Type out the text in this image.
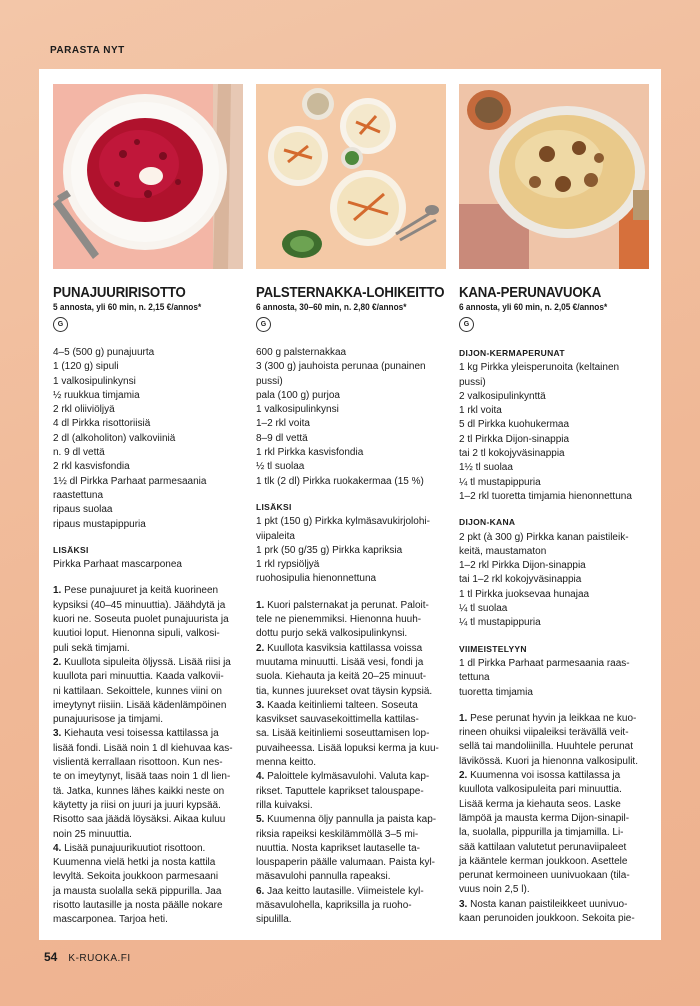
PARASTA NYT
PUNAJUURIRISOTTO
5 annosta, yli 60 min, n. 2,15 €/annos*
G
4–5 (500 g) punajuurta
1 (120 g) sipuli
1 valkosipulinkynsi
½ ruukkua timjamia
2 rkl oliiviöljyä
4 dl Pirkka risottoriisiä
2 dl (alkoholiton) valkoviiniä
n. 9 dl vettä
2 rkl kasvisfondia
1½ dl Pirkka Parhaat parmesaania
raastettuna
ripaus suolaa
ripaus mustapippuria
LISÄKSI
Pirkka Parhaat mascarponea
1. Pese punajuuret ja keitä kuorineen
kypsiksi (40–45 minuuttia). Jäähdytä ja
kuori ne. Soseuta puolet punajuurista ja
kuutioi loput. Hienonna sipuli, valkosi-
puli sekä timjami.
2. Kuullota sipuleita öljyssä. Lisää riisi ja
kuullota pari minuuttia. Kaada valkovii-
ni kattilaan. Sekoittele, kunnes viini on
imeytynyt riisiin. Lisää kädenlämpöinen
punajuurisose ja timjami.
3. Kiehauta vesi toisessa kattilassa ja
lisää fondi. Lisää noin 1 dl kiehuvaa kas-
vislientä kerrallaan risottoon. Kun nes-
te on imeytynyt, lisää taas noin 1 dl lien-
tä. Jatka, kunnes lähes kaikki neste on
käytetty ja riisi on juuri ja juuri kypsää.
Risotto saa jäädä löysäksi. Aikaa kuluu
noin 25 minuuttia.
4. Lisää punajuurikuutiot risottoon.
Kuumenna vielä hetki ja nosta kattila
levyltä. Sekoita joukkoon parmesaani
ja mausta suolalla sekä pippurilla. Jaa
risotto lautasille ja nosta päälle nokare
mascarponea. Tarjoa heti.
PALSTERNAKKA-LOHIKEITTO
6 annosta, 30–60 min, n. 2,80 €/annos*
G
600 g palsternakkaa
3 (300 g) jauhoista perunaa (punainen
pussi)
pala (100 g) purjoa
1 valkosipulinkynsi
1–2 rkl voita
8–9 dl vettä
1 rkl Pirkka kasvisfondia
½ tl suolaa
1 tlk (2 dl) Pirkka ruokakermaa (15 %)
LISÄKSI
1 pkt (150 g) Pirkka kylmäsavukirjolohi-
viipaleita
1 prk (50 g/35 g) Pirkka kapriksia
1 rkl rypsiöljyä
ruohosipulia hienonnettuna
1. Kuori palsternakat ja perunat. Paloit-
tele ne pienemmiksi. Hienonna huuh-
dottu purjo sekä valkosipulinkynsi.
2. Kuullota kasviksia kattilassa voissa
muutama minuutti. Lisää vesi, fondi ja
suola. Kiehauta ja keitä 20–25 minuut-
tia, kunnes juurekset ovat täysin kypsiä.
3. Kaada keitinliemi talteen. Soseuta
kasvikset sauvasekoittimella kattilas-
sa. Lisää keitinliemi soseuttamisen lop-
puvaiheessa. Lisää lopuksi kerma ja kuu-
menna keitto.
4. Paloittele kylmäsavulohi. Valuta kap-
rikset. Taputtele kaprikset talouspape-
rilla kuivaksi.
5. Kuumenna öljy pannulla ja paista kap-
riksia rapeiksi keskilämmöllä 3–5 mi-
nuuttia. Nosta kaprikset lautaselle ta-
louspaperin päälle valumaan. Paista kyl-
mäsavulohi pannulla rapeaksi.
6. Jaa keitto lautasille. Viimeistele kyl-
mäsavulohella, kapriksilla ja ruoho-
sipulilla.
KANA-PERUNAVUOKA
6 annosta, yli 60 min, n. 2,05 €/annos*
G
DIJON-KERMAPERUNAT
1 kg Pirkka yleisperunoita (keltainen
pussi)
2 valkosipulinkynttä
1 rkl voita
5 dl Pirkka kuohukermaa
2 tl Pirkka Dijon-sinappia
tai 2 tl kokojyväsinappia
1½ tl suolaa
¼ tl mustapippuria
1–2 rkl tuoretta timjamia hienonnettuna
DIJON-KANA
2 pkt (à 300 g) Pirkka kanan paistileik-
keitä, maustamaton
1–2 rkl Pirkka Dijon-sinappia
tai 1–2 rkl kokojyväsinappia
1 tl Pirkka juoksevaa hunajaa
¼ tl suolaa
¼ tl mustapippuria
VIIMEISTELYYN
1 dl Pirkka Parhaat parmesaania raas-
tettuna
tuoretta timjamia
1. Pese perunat hyvin ja leikkaa ne kuo-
rineen ohuiksi viipaleiksi terävällä veit-
sellä tai mandoliinilla. Huuhtele perunat
lävikössä. Kuori ja hienonna valkosipulit.
2. Kuumenna voi isossa kattilassa ja
kuullota valkosipuleita pari minuuttia.
Lisää kerma ja kiehauta seos. Laske
lämpöä ja mausta kerma Dijon-sinapil-
la, suolalla, pippurilla ja timjamilla. Li-
sää kattilaan valutetut perunaviipaleet
ja kääntele kerman joukkoon. Asettele
perunat kermoineen uunivuokaan (tila-
vuus noin 2,5 l).
3. Nosta kanan paistileikkeet uunivuo-
kaan perunoiden joukkoon. Sekoita pie-
54 K-RUOKA.FI
